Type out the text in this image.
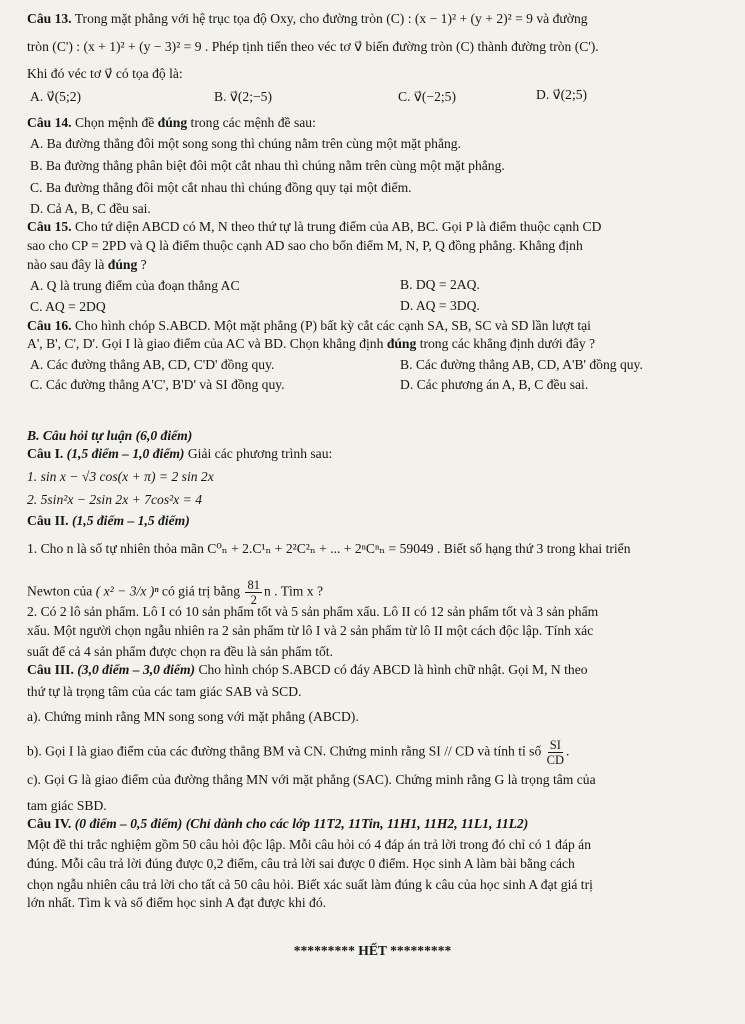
Câu 13. Trong mặt phẳng với hệ trục tọa độ Oxy, cho đường tròn (C) : (x − 1)² + (y + 2)² = 9 và đường
tròn (C') : (x + 1)² + (y − 3)² = 9 . Phép tịnh tiến theo véc tơ v⃗ biến đường tròn (C) thành đường tròn (C').
Khi đó véc tơ v⃗ có tọa độ là:
A. v⃗(5;2)	B. v⃗(2;−5)	C. v⃗(−2;5)	D. v⃗(2;5)
Câu 14. Chọn mệnh đề đúng trong các mệnh đề sau:
A. Ba đường thẳng đôi một song song thì chúng nằm trên cùng một mặt phẳng.
B. Ba đường thẳng phân biệt đôi một cắt nhau thì chúng nằm trên cùng một mặt phẳng.
C. Ba đường thẳng đôi một cắt nhau thì chúng đồng quy tại một điểm.
D. Cả A, B, C đều sai.
Câu 15. Cho tứ diện ABCD có M, N theo thứ tự là trung điểm của AB, BC. Gọi P là điểm thuộc cạnh CD
sao cho CP = 2PD và Q là điểm thuộc cạnh AD sao cho bốn điểm M, N, P, Q đồng phẳng. Khẳng định
nào sau đây là đúng ?
A. Q là trung điểm của đoạn thẳng AC	B. DQ = 2AQ.
C. AQ = 2DQ	D. AQ = 3DQ.
Câu 16. Cho hình chóp S.ABCD. Một mặt phẳng (P) bất kỳ cắt các cạnh SA, SB, SC và SD lần lượt tại
A', B', C', D'. Gọi I là giao điểm của AC và BD. Chọn khẳng định đúng trong các khẳng định dưới đây ?
A. Các đường thẳng AB, CD, C'D' đồng quy.	B. Các đường thẳng AB, CD, A'B' đồng quy.
C. Các đường thẳng A'C', B'D' và SI đồng quy.	D. Các phương án A, B, C đều sai.
B. Câu hỏi tự luận (6,0 điểm)
Câu I. (1,5 điểm – 1,0 điểm) Giải các phương trình sau:
1. sin x − √3 cos(x + π) = 2 sin 2x
2. 5sin²x − 2sin 2x + 7cos²x = 4
Câu II. (1,5 điểm – 1,5 điểm)
1. Cho n là số tự nhiên thỏa mãn C⁰ₙ + 2.C¹ₙ + 2²C²ₙ + ... + 2ⁿCⁿₙ = 59049 . Biết số hạng thứ 3 trong khai triển
Newton của ( x² − 3/x )ⁿ có giá trị bằng $\frac{81}{2}$ n . Tìm x ?
2. Có 2 lô sản phẩm. Lô I có 10 sản phẩm tốt và 5 sản phẩm xấu. Lô II có 12 sản phẩm tốt và 3 sản phẩm
xấu. Một người chọn ngẫu nhiên ra 2 sản phẩm từ lô I và 2 sản phẩm từ lô II một cách độc lập. Tính xác
suất để cả 4 sản phẩm được chọn ra đều là sản phẩm tốt.
Câu III. (3,0 điểm – 3,0 điểm) Cho hình chóp S.ABCD có đáy ABCD là hình chữ nhật. Gọi M, N theo
thứ tự là trọng tâm của các tam giác SAB và SCD.
a). Chứng minh rằng MN song song với mặt phẳng (ABCD).
b). Gọi I là giao điểm của các đường thẳng BM và CN. Chứng minh rằng SI // CD và tính tỉ số $\frac{SI}{CD}$ .
c). Gọi G là giao điểm của đường thẳng MN với mặt phẳng (SAC). Chứng minh rằng G là trọng tâm của
tam giác SBD.
Câu IV. (0 điểm – 0,5 điểm) (Chỉ dành cho các lớp 11T2, 11Tin, 11H1, 11H2, 11L1, 11L2)
Một đề thi trắc nghiệm gồm 50 câu hỏi độc lập. Mỗi câu hỏi có 4 đáp án trả lời trong đó chỉ có 1 đáp án
đúng. Mỗi câu trả lời đúng được 0,2 điểm, câu trả lời sai được 0 điểm. Học sinh A làm bài bằng cách
chọn ngẫu nhiên câu trả lời cho tất cả 50 câu hỏi. Biết xác suất làm đúng k câu của học sinh A đạt giá trị
lớn nhất. Tìm k và số điểm học sinh A đạt được khi đó.
********* HẾT *********
